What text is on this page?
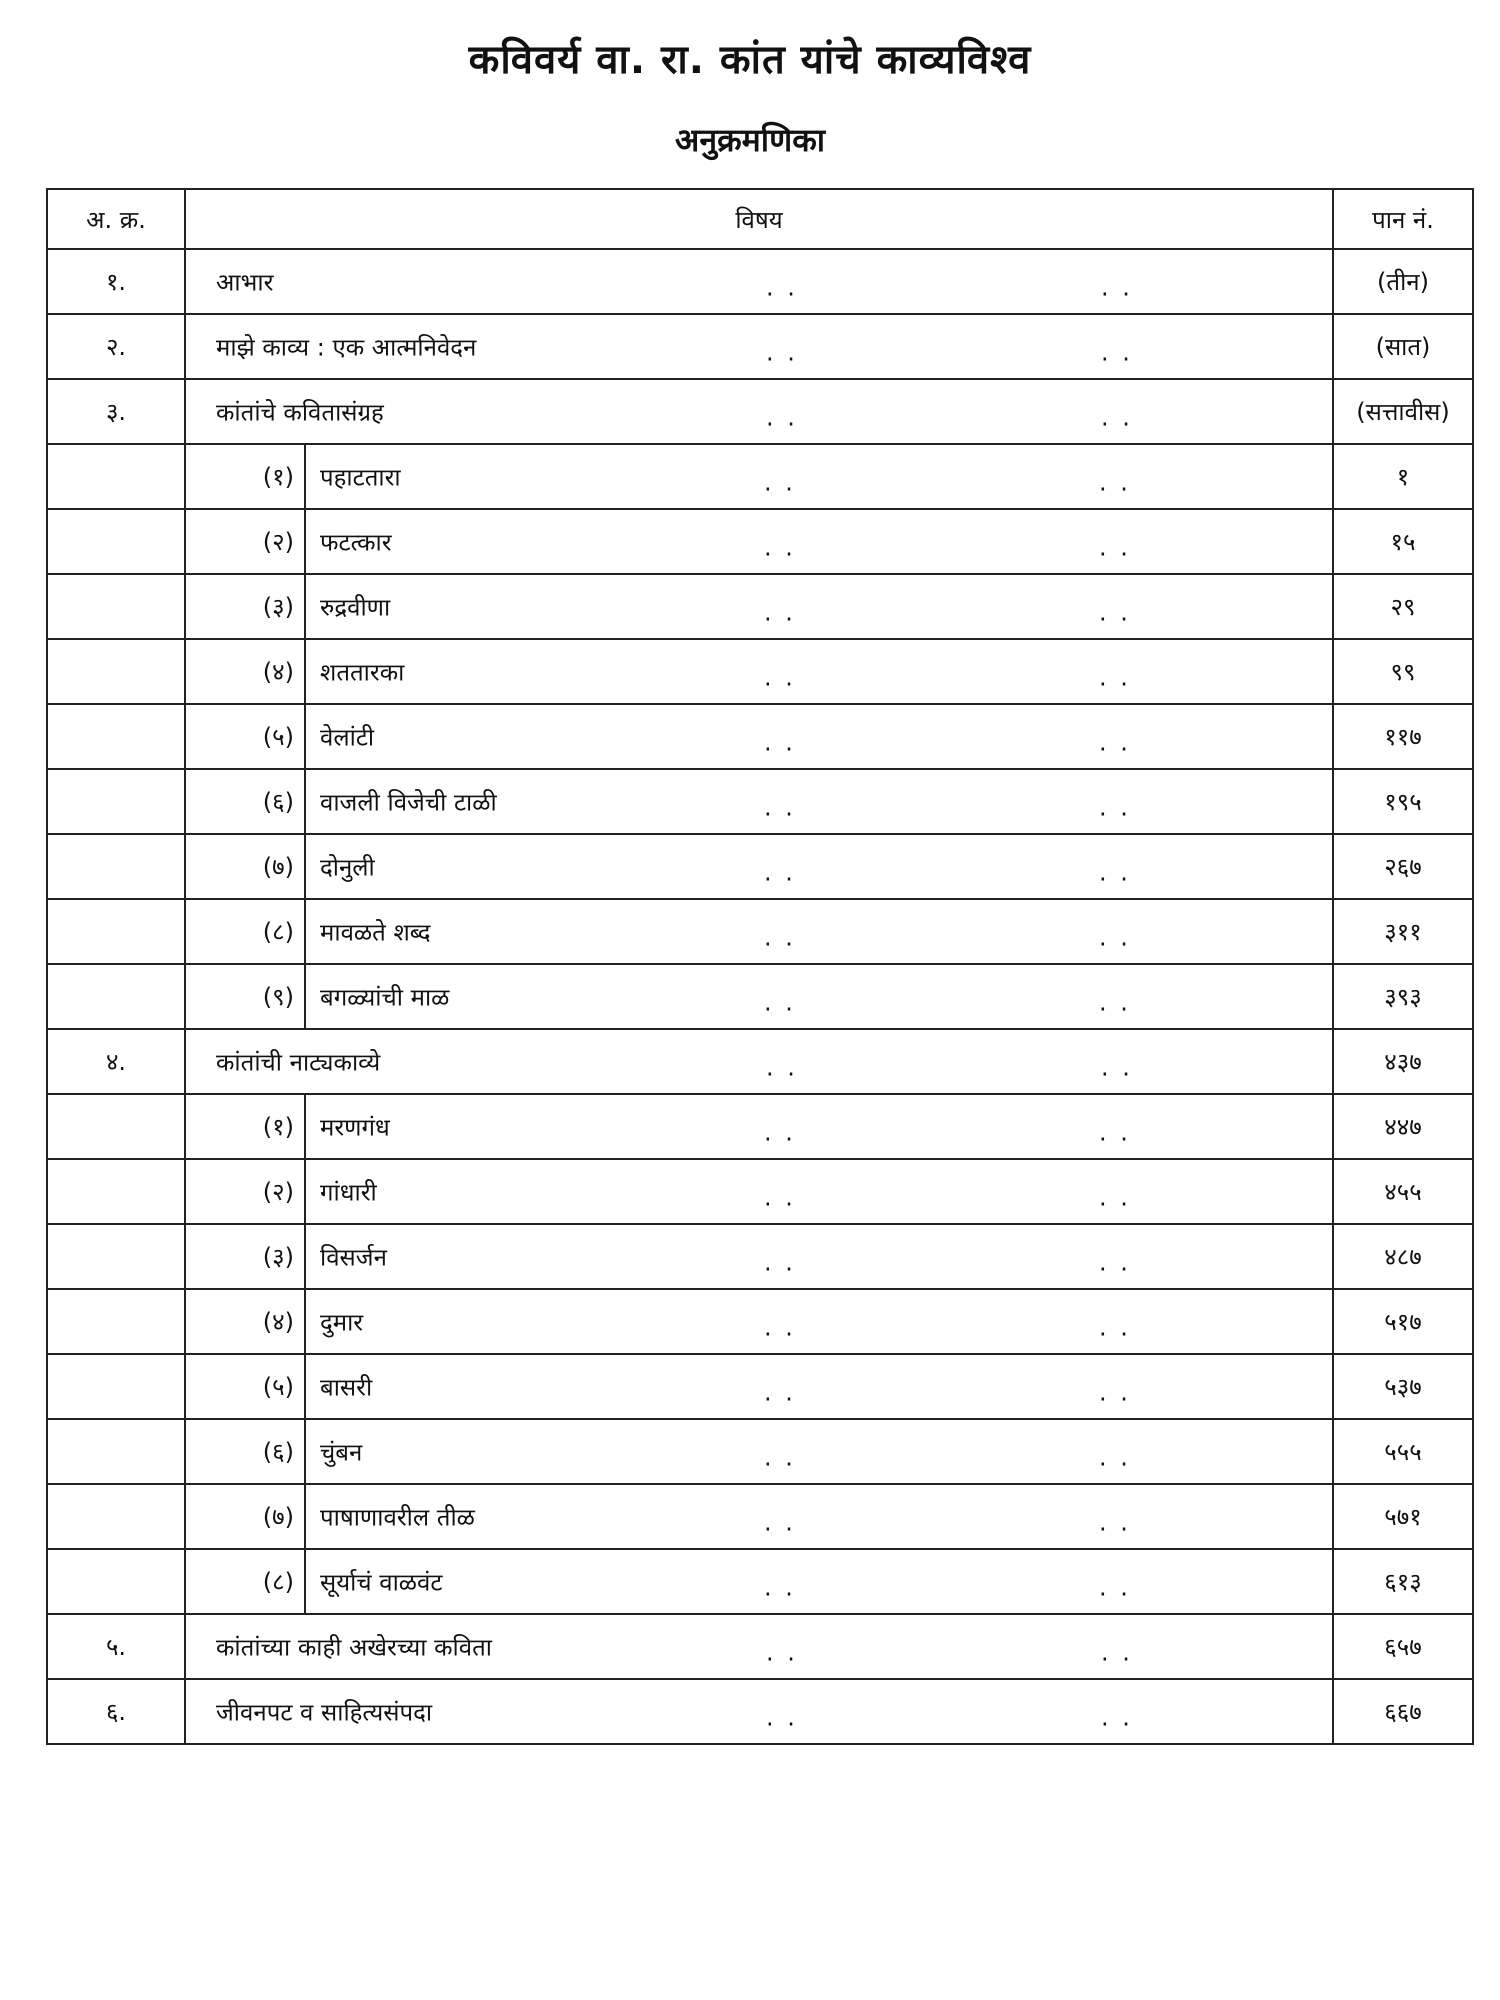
कविवर्य वा. रा. कांत यांचे काव्यविश्व
अनुक्रमणिका
अ. क्र.	विषय		पान नं.
१.	आभार . . . .		(तीन)
२.	माझे काव्य : एक आत्मनिवेदन . . . .		(सात)
३.	कांतांचे कवितासंग्रह . . . .		(सत्तावीस)
	(१)	पहाटतारा . . . .	१
	(२)	फटत्कार . . . .	१५
	(३)	रुद्रवीणा . . . .	२९
	(४)	शततारका . . . .	९९
	(५)	वेलांटी . . . .	११७
	(६)	वाजली विजेची टाळी . . . .	१९५
	(७)	दोनुली . . . .	२६७
	(८)	मावळते शब्द . . . .	३११
	(९)	बगळ्यांची माळ . . . .	३९३
४.	कांतांची नाट्यकाव्ये . . . .		४३७
	(१)	मरणगंध . . . .	४४७
	(२)	गांधारी . . . .	४५५
	(३)	विसर्जन . . . .	४८७
	(४)	दुमार . . . .	५१७
	(५)	बासरी . . . .	५३७
	(६)	चुंबन . . . .	५५५
	(७)	पाषाणावरील तीळ . . . .	५७१
	(८)	सूर्याचं वाळवंट . . . .	६१३
५.	कांतांच्या काही अखेरच्या कविता . . . .		६५७
६.	जीवनपट व साहित्यसंपदा . . . .		६६७
